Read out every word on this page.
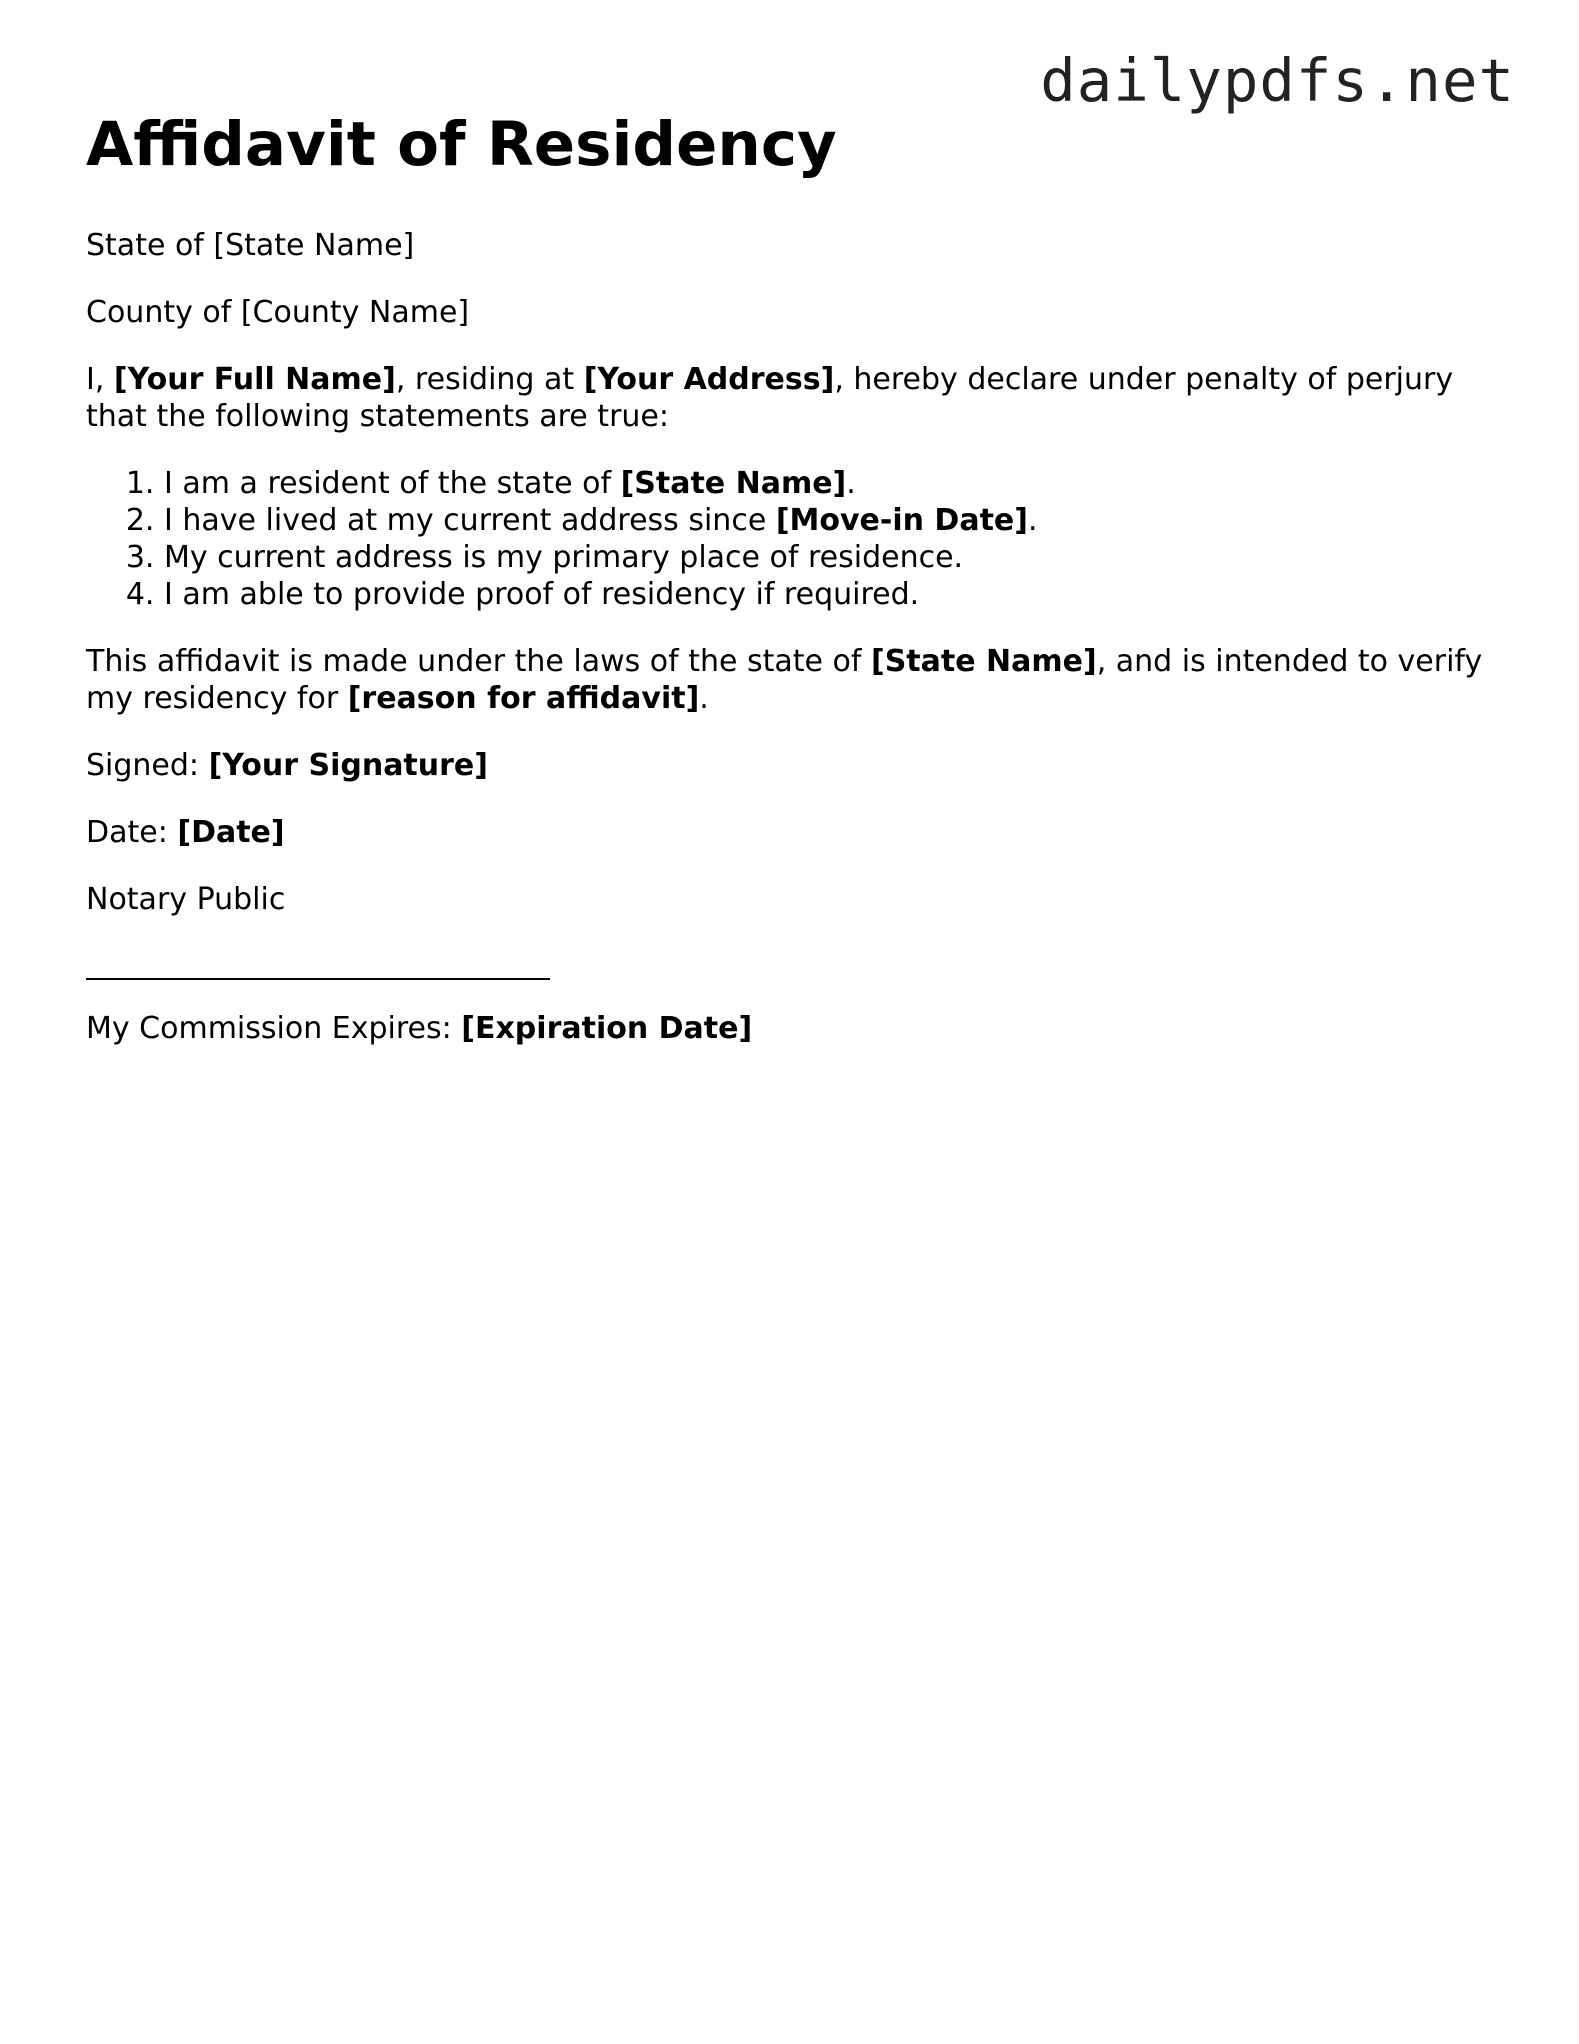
dailypdfs.net
Affidavit of Residency

State of [State Name]

County of [County Name]

I, [Your Full Name], residing at [Your Address], hereby declare under penalty of perjury that the following statements are true:

1. I am a resident of the state of [State Name].
2. I have lived at my current address since [Move-in Date].
3. My current address is my primary place of residence.
4. I am able to provide proof of residency if required.

This affidavit is made under the laws of the state of [State Name], and is intended to verify my residency for [reason for affidavit].

Signed: [Your Signature]

Date: [Date]

Notary Public

My Commission Expires: [Expiration Date]
